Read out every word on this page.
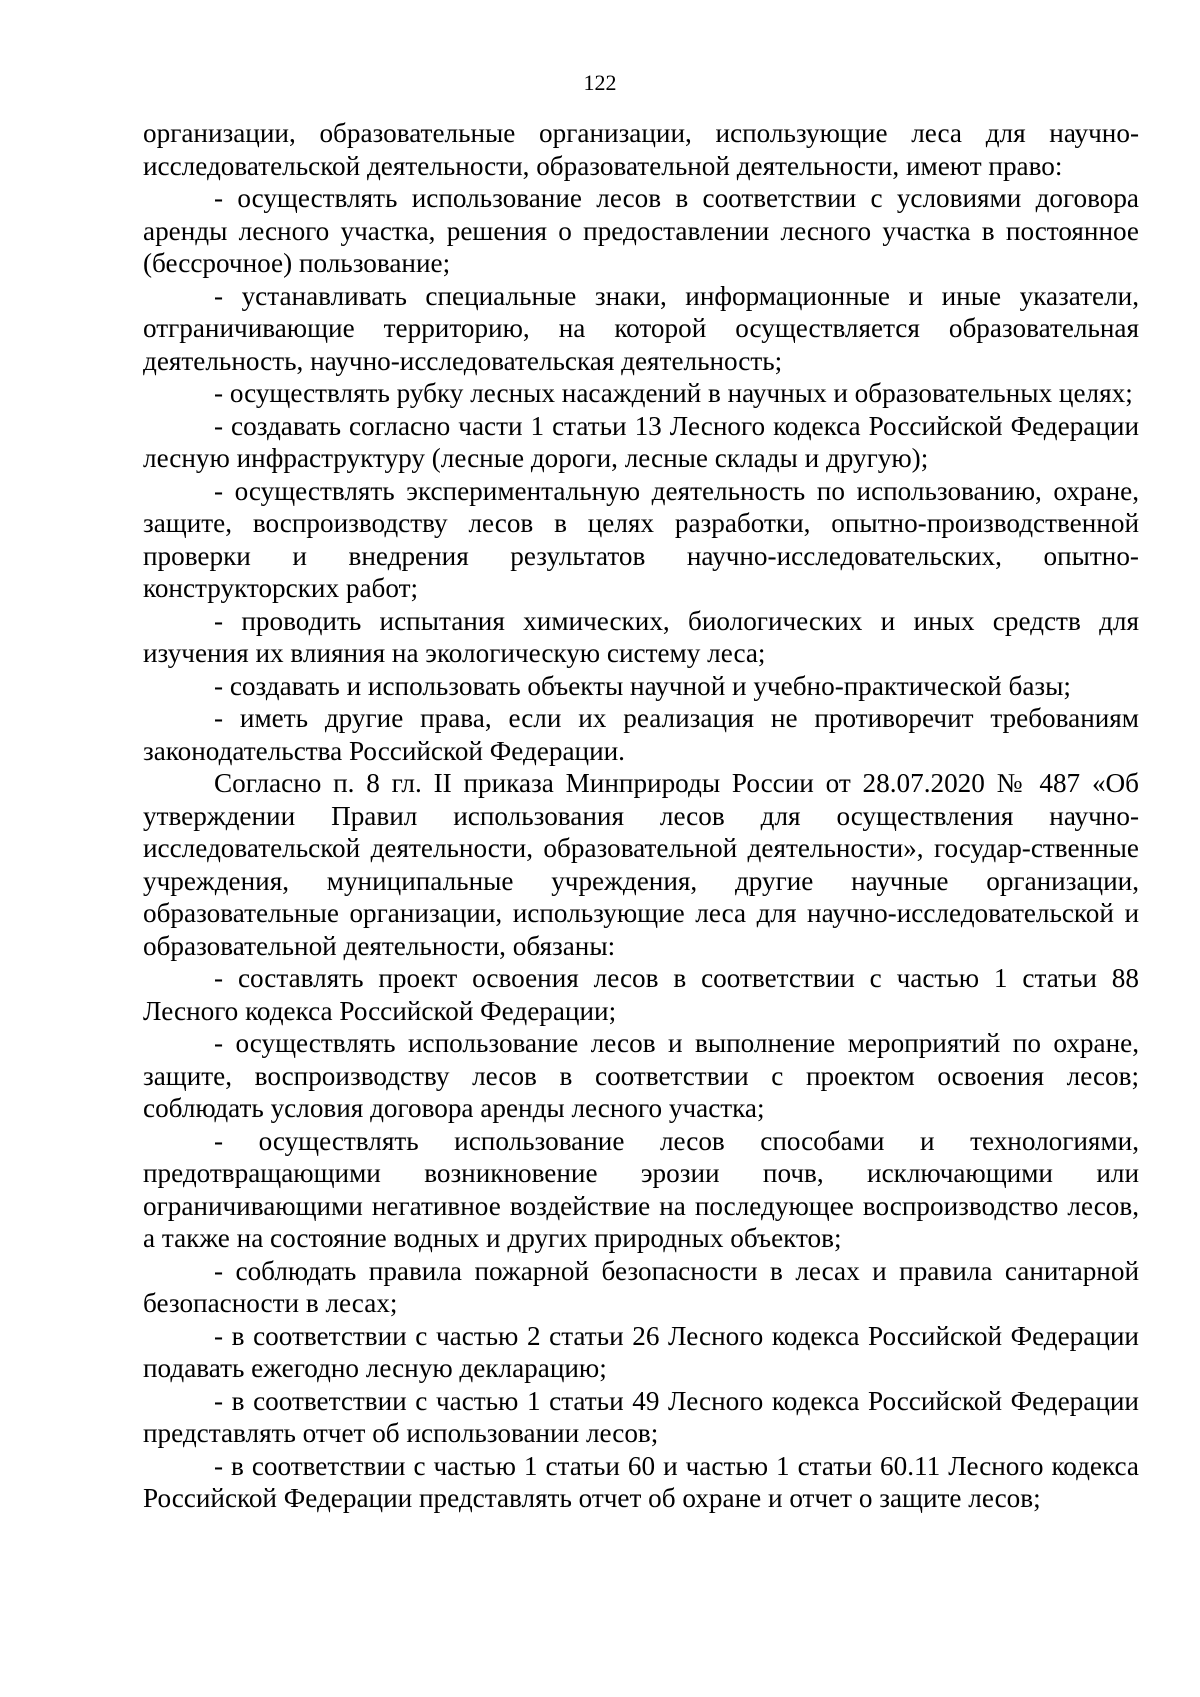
122

организации, образовательные организации, использующие леса для научно-исследовательской деятельности, образовательной деятельности, имеют право:

- осуществлять использование лесов в соответствии с условиями договора аренды лесного участка, решения о предоставлении лесного участка в постоянное (бессрочное) пользование;

- устанавливать специальные знаки, информационные и иные указатели, отграничивающие территорию, на которой осуществляется образовательная деятельность, научно-исследовательская деятельность;

- осуществлять рубку лесных насаждений в научных и образовательных целях;

- создавать согласно части 1 статьи 13 Лесного кодекса Российской Федерации лесную инфраструктуру (лесные дороги, лесные склады и другую);

- осуществлять экспериментальную деятельность по использованию, охране, защите, воспроизводству лесов в целях разработки, опытно-производственной проверки и внедрения результатов научно-исследовательских, опытно-конструкторских работ;

- проводить испытания химических, биологических и иных средств для изучения их влияния на экологическую систему леса;

- создавать и использовать объекты научной и учебно-практической базы;

- иметь другие права, если их реализация не противоречит требованиям законодательства Российской Федерации.

Согласно п. 8 гл. II приказа Минприроды России от 28.07.2020 № 487 «Об утверждении Правил использования лесов для осуществления научно-исследовательской деятельности, образовательной деятельности», государ-ственные учреждения, муниципальные учреждения, другие научные организации, образовательные организации, использующие леса для научно-исследовательской и образовательной деятельности, обязаны:

- составлять проект освоения лесов в соответствии с частью 1 статьи 88 Лесного кодекса Российской Федерации;

- осуществлять использование лесов и выполнение мероприятий по охране, защите, воспроизводству лесов в соответствии с проектом освоения лесов; соблюдать условия договора аренды лесного участка;

- осуществлять использование лесов способами и технологиями, предотвращающими возникновение эрозии почв, исключающими или ограничивающими негативное воздействие на последующее воспроизводство лесов, а также на состояние водных и других природных объектов;

- соблюдать правила пожарной безопасности в лесах и правила санитарной безопасности в лесах;

- в соответствии с частью 2 статьи 26 Лесного кодекса Российской Федерации подавать ежегодно лесную декларацию;

- в соответствии с частью 1 статьи 49 Лесного кодекса Российской Федерации представлять отчет об использовании лесов;

- в соответствии с частью 1 статьи 60 и частью 1 статьи 60.11 Лесного кодекса Российской Федерации представлять отчет об охране и отчет о защите лесов;
